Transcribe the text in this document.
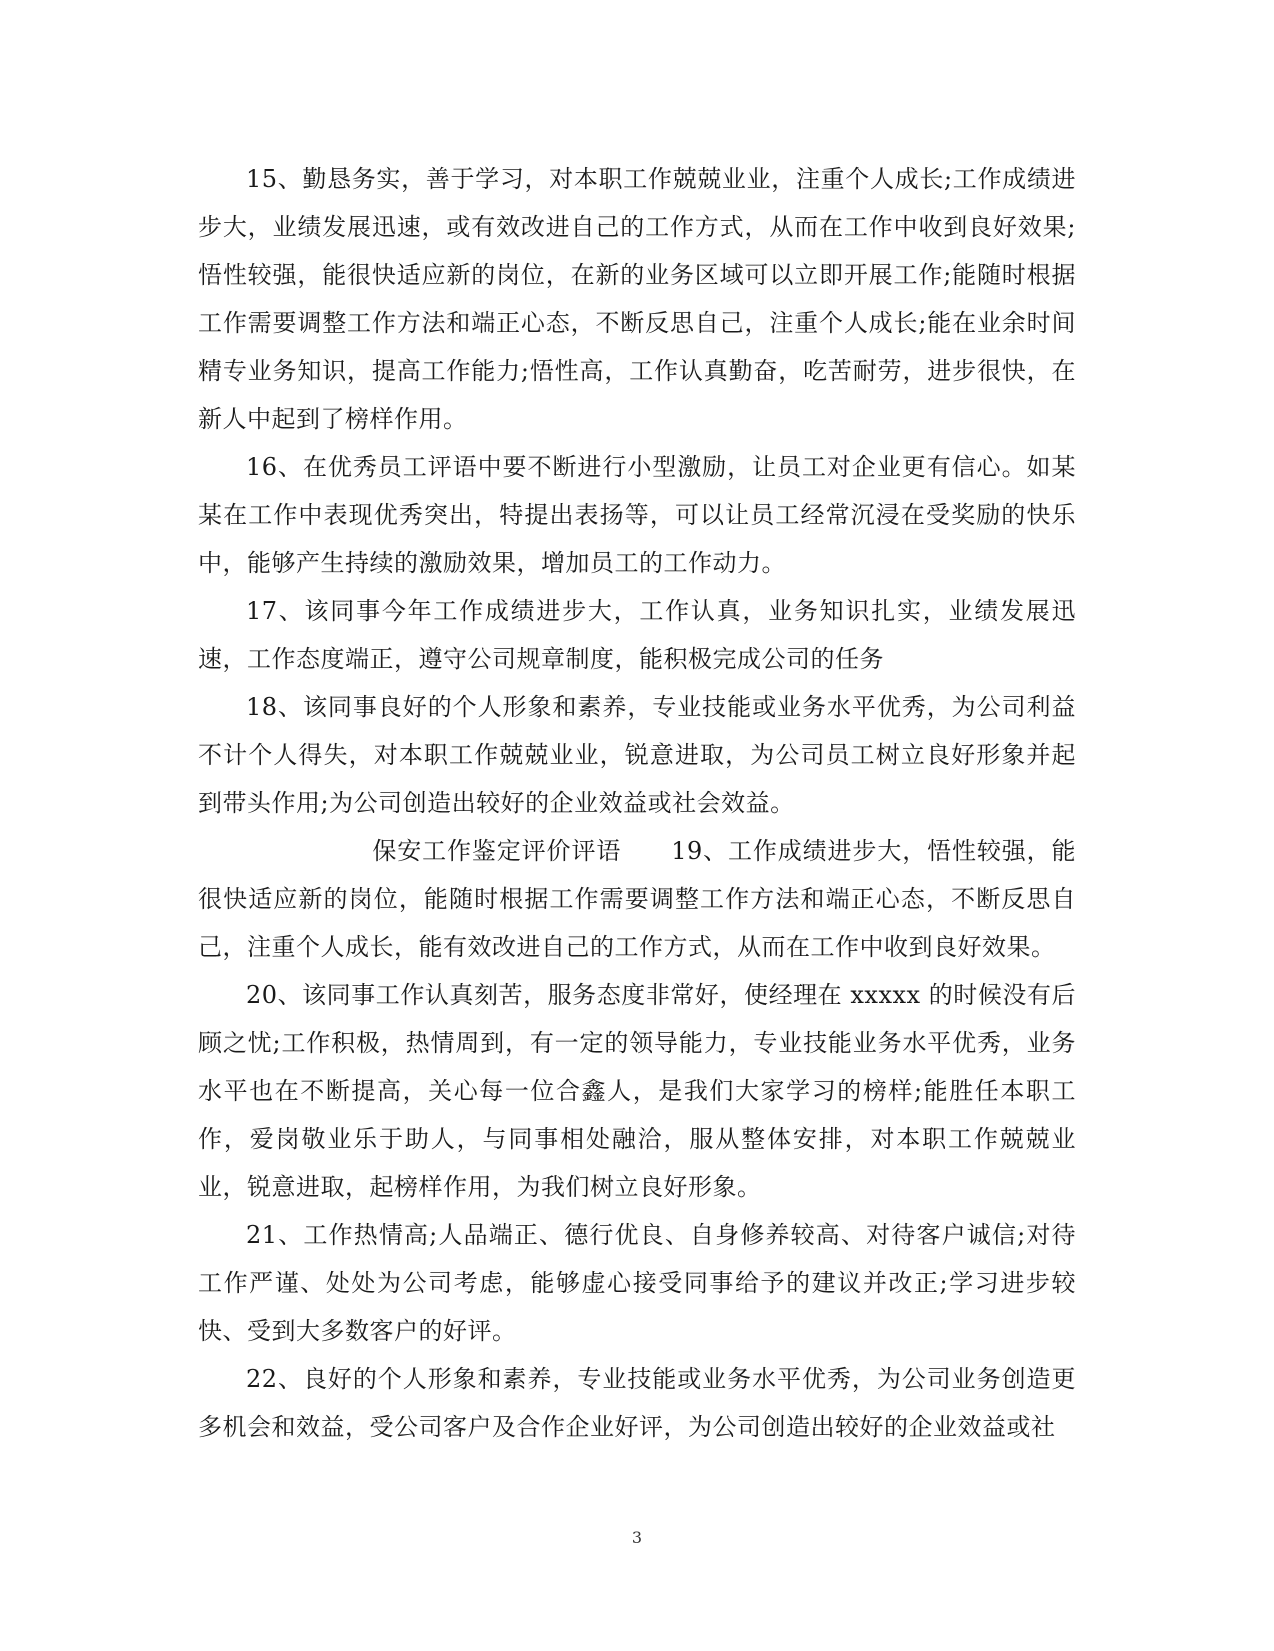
15、勤恳务实，善于学习，对本职工作兢兢业业，注重个人成长;工作成绩进步大，业绩发展迅速，或有效改进自己的工作方式，从而在工作中收到良好效果;悟性较强，能很快适应新的岗位，在新的业务区域可以立即开展工作;能随时根据工作需要调整工作方法和端正心态，不断反思自己，注重个人成长;能在业余时间精专业务知识，提高工作能力;悟性高，工作认真勤奋，吃苦耐劳，进步很快，在新人中起到了榜样作用。

16、在优秀员工评语中要不断进行小型激励，让员工对企业更有信心。如某某在工作中表现优秀突出，特提出表扬等，可以让员工经常沉浸在受奖励的快乐中，能够产生持续的激励效果，增加员工的工作动力。

17、该同事今年工作成绩进步大，工作认真，业务知识扎实，业绩发展迅速，工作态度端正，遵守公司规章制度，能积极完成公司的任务

18、该同事良好的个人形象和素养，专业技能或业务水平优秀，为公司利益不计个人得失，对本职工作兢兢业业，锐意进取，为公司员工树立良好形象并起到带头作用;为公司创造出较好的企业效益或社会效益。

保安工作鉴定评价评语 19、工作成绩进步大，悟性较强，能很快适应新的岗位，能随时根据工作需要调整工作方法和端正心态，不断反思自己，注重个人成长，能有效改进自己的工作方式，从而在工作中收到良好效果。

20、该同事工作认真刻苦，服务态度非常好，使经理在 xxxxx 的时候没有后顾之忧;工作积极，热情周到，有一定的领导能力，专业技能业务水平优秀，业务水平也在不断提高，关心每一位合鑫人，是我们大家学习的榜样;能胜任本职工作，爱岗敬业乐于助人，与同事相处融洽，服从整体安排，对本职工作兢兢业业，锐意进取，起榜样作用，为我们树立良好形象。

21、工作热情高;人品端正、德行优良、自身修养较高、对待客户诚信;对待工作严谨、处处为公司考虑，能够虚心接受同事给予的建议并改正;学习进步较快、受到大多数客户的好评。

22、良好的个人形象和素养，专业技能或业务水平优秀，为公司业务创造更多机会和效益，受公司客户及合作企业好评，为公司创造出较好的企业效益或社

3
